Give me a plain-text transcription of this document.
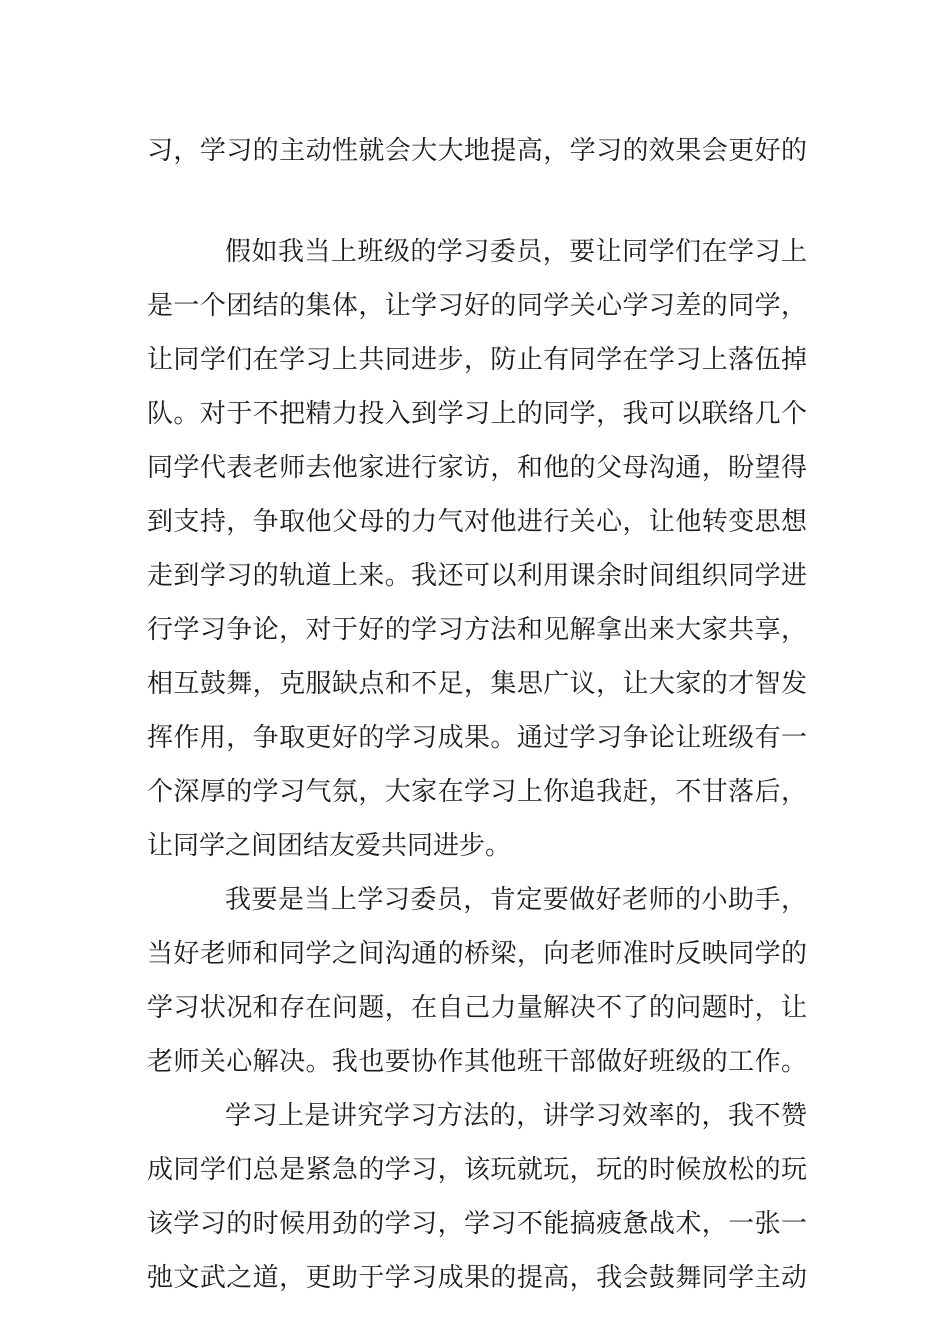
习，学习的主动性就会大大地提高，学习的效果会更好的
假如我当上班级的学习委员，要让同学们在学习上
是一个团结的集体，让学习好的同学关心学习差的同学，
让同学们在学习上共同进步，防止有同学在学习上落伍掉
队。对于不把精力投入到学习上的同学，我可以联络几个
同学代表老师去他家进行家访，和他的父母沟通，盼望得
到支持，争取他父母的力气对他进行关心，让他转变思想
走到学习的轨道上来。我还可以利用课余时间组织同学进
行学习争论，对于好的学习方法和见解拿出来大家共享，
相互鼓舞，克服缺点和不足，集思广议，让大家的才智发
挥作用，争取更好的学习成果。通过学习争论让班级有一
个深厚的学习气氛，大家在学习上你追我赶，不甘落后，
让同学之间团结友爱共同进步。
我要是当上学习委员，肯定要做好老师的小助手，
当好老师和同学之间沟通的桥梁，向老师准时反映同学的
学习状况和存在问题，在自己力量解决不了的问题时，让
老师关心解决。我也要协作其他班干部做好班级的工作。
学习上是讲究学习方法的，讲学习效率的，我不赞
成同学们总是紧急的学习，该玩就玩，玩的时候放松的玩
该学习的时候用劲的学习，学习不能搞疲惫战术，一张一
弛文武之道，更助于学习成果的提高，我会鼓舞同学主动
